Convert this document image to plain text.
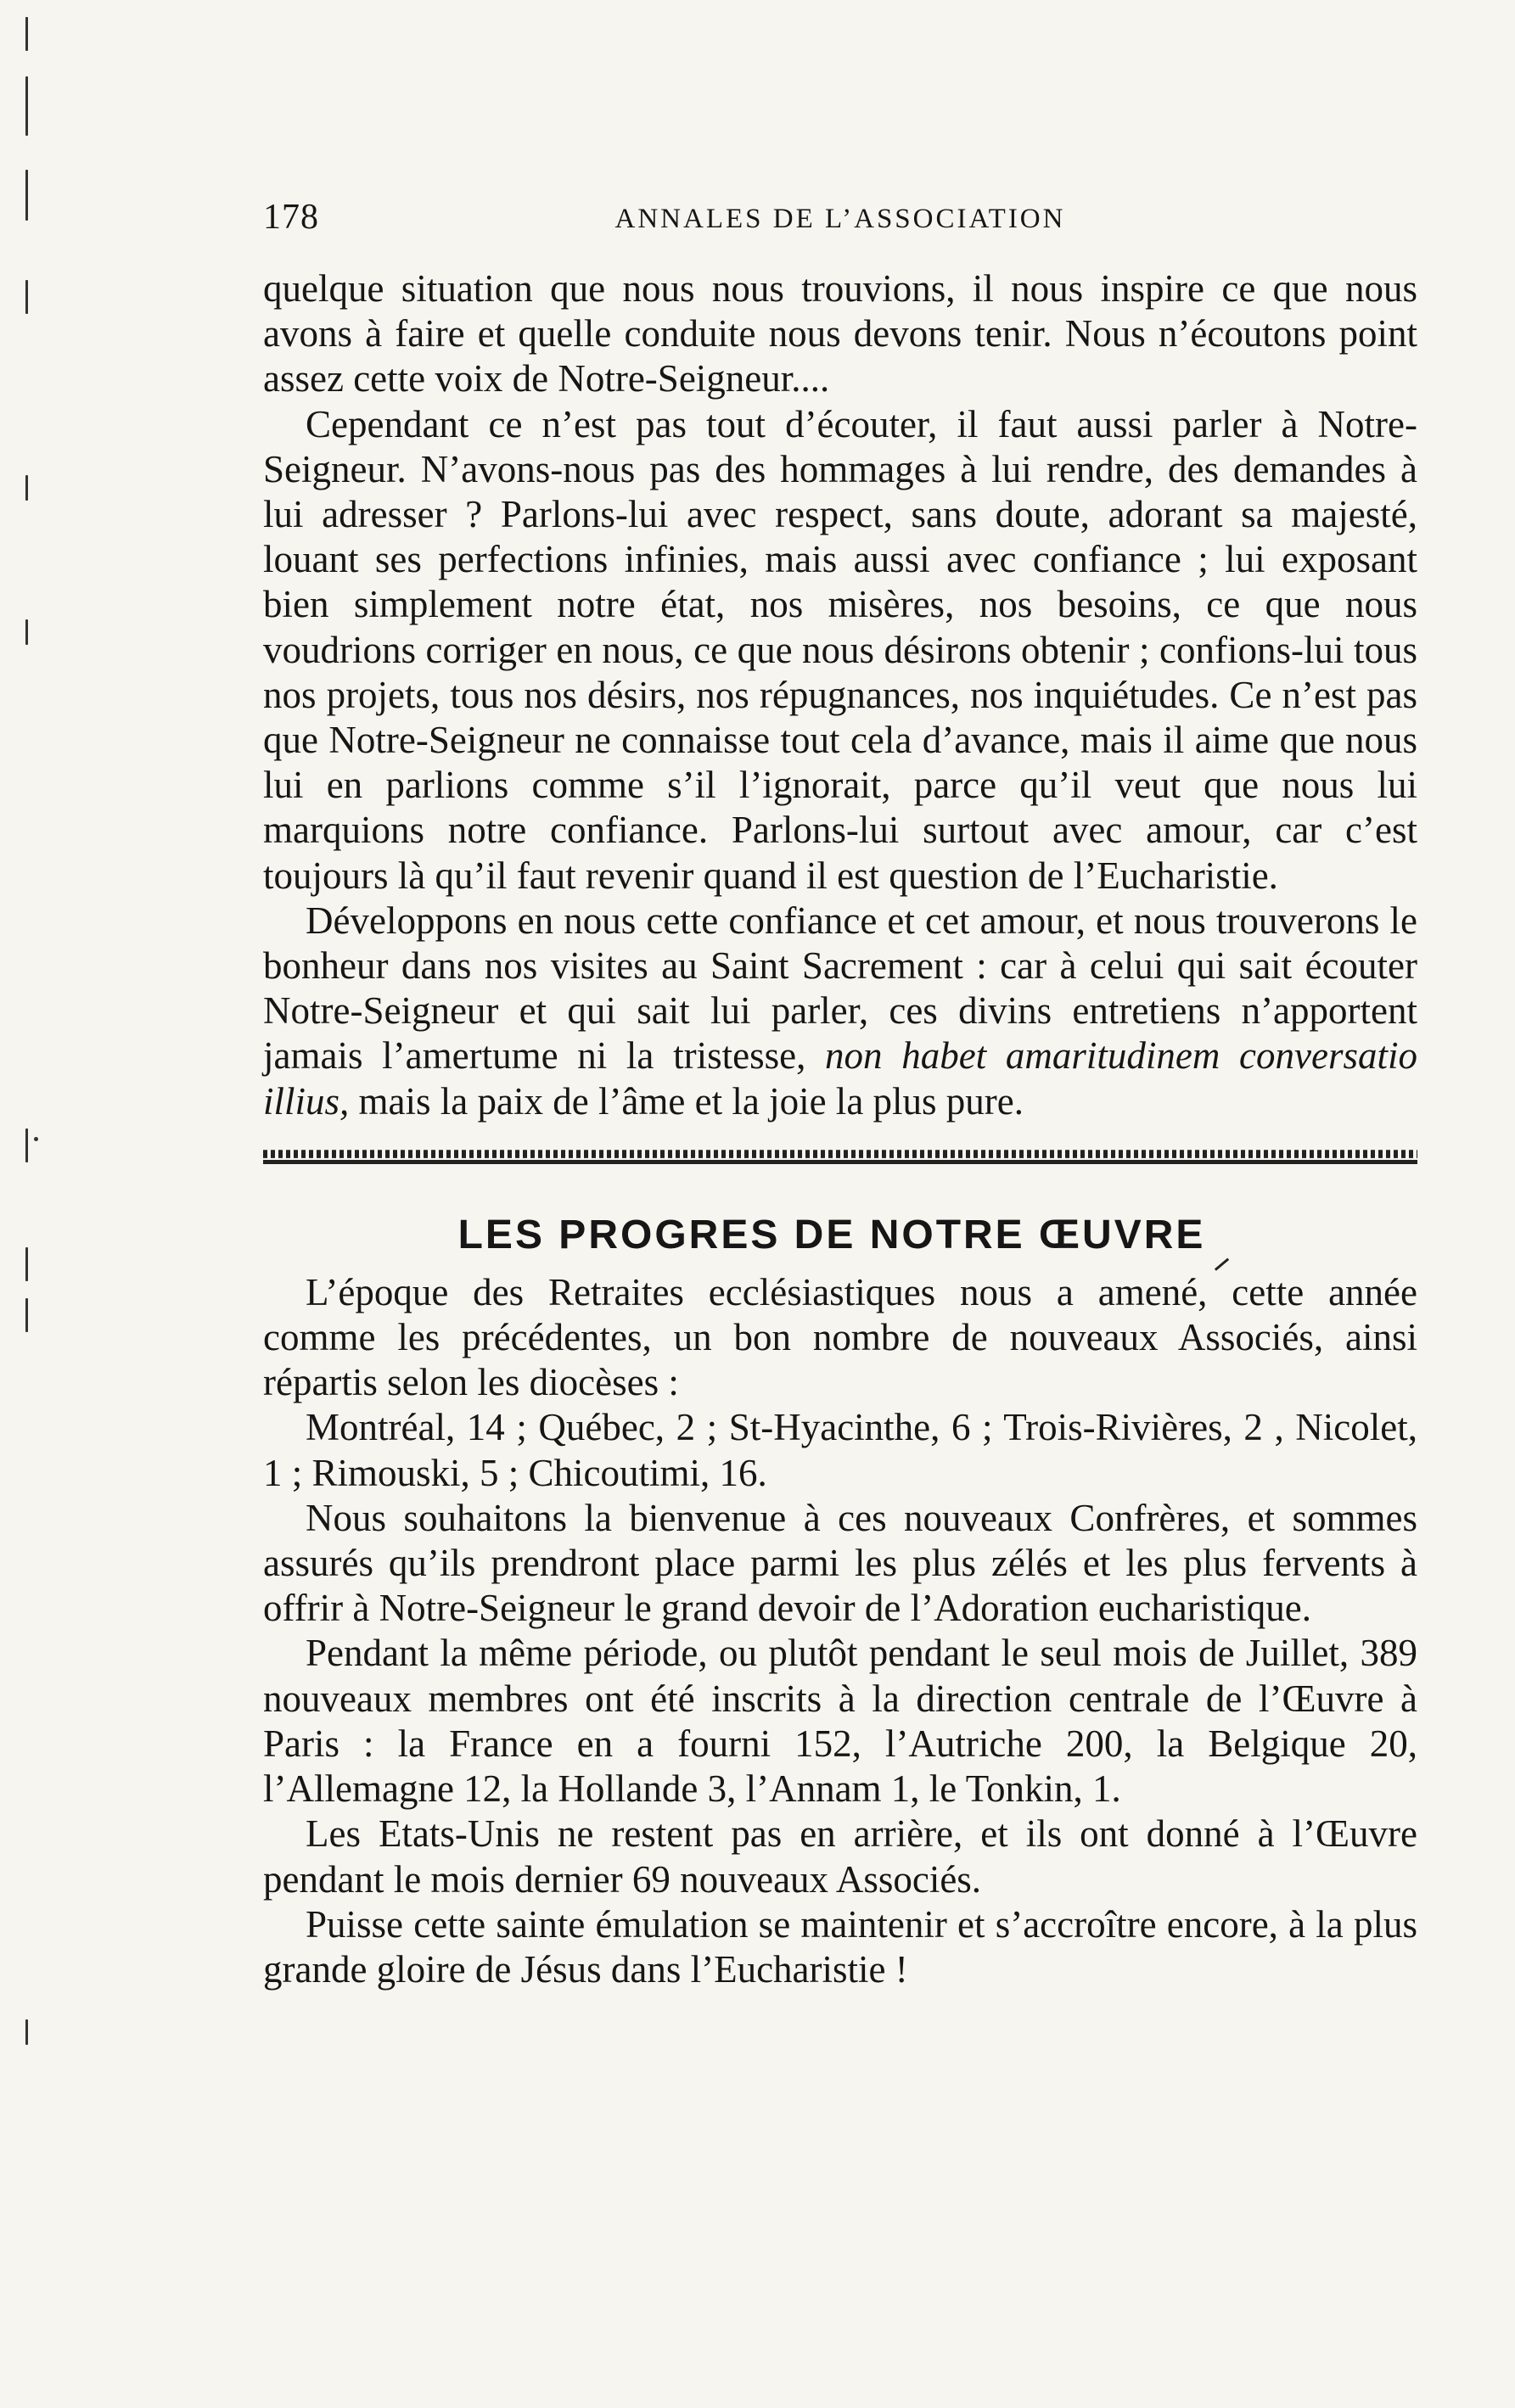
178	ANNALES DE L’ASSOCIATION

quelque situation que nous nous trouvions, il nous inspire ce que nous avons à faire et quelle conduite nous devons tenir. Nous n’écoutons point assez cette voix de Notre-Seigneur....

Cependant ce n’est pas tout d’écouter, il faut aussi parler à Notre-Seigneur. N’avons-nous pas des hommages à lui rendre, des demandes à lui adresser ? Parlons-lui avec respect, sans doute, adorant sa majesté, louant ses perfections infinies, mais aussi avec confiance ; lui exposant bien simplement notre état, nos misères, nos besoins, ce que nous voudrions corriger en nous, ce que nous désirons obtenir ; confions-lui tous nos projets, tous nos désirs, nos répugnances, nos inquiétudes. Ce n’est pas que Notre-Seigneur ne connaisse tout cela d’avance, mais il aime que nous lui en parlions comme s’il l’ignorait, parce qu’il veut que nous lui marquions notre confiance. Parlons-lui surtout avec amour, car c’est toujours là qu’il faut revenir quand il est question de l’Eucharistie.

Développons en nous cette confiance et cet amour, et nous trouverons le bonheur dans nos visites au Saint Sacrement : car à celui qui sait écouter Notre-Seigneur et qui sait lui parler, ces divins entretiens n’apportent jamais l’amertume ni la tristesse, non habet amaritudinem conversatio illius, mais la paix de l’âme et la joie la plus pure.

LES PROGRES DE NOTRE ŒUVRE

L’époque des Retraites ecclésiastiques nous a amené, cette année comme les précédentes, un bon nombre de nouveaux Associés, ainsi répartis selon les diocèses :

Montréal, 14 ; Québec, 2 ; St-Hyacinthe, 6 ; Trois-Rivières, 2 , Nicolet, 1 ; Rimouski, 5 ; Chicoutimi, 16.

Nous souhaitons la bienvenue à ces nouveaux Confrères, et sommes assurés qu’ils prendront place parmi les plus zélés et les plus fervents à offrir à Notre-Seigneur le grand devoir de l’Adoration eucharistique.

Pendant la même période, ou plutôt pendant le seul mois de Juillet, 389 nouveaux membres ont été inscrits à la direction centrale de l’Œuvre à Paris : la France en a fourni 152, l’Autriche 200, la Belgique 20, l’Allemagne 12, la Hollande 3, l’Annam 1, le Tonkin, 1.

Les Etats-Unis ne restent pas en arrière, et ils ont donné à l’Œuvre pendant le mois dernier 69 nouveaux Associés.

Puisse cette sainte émulation se maintenir et s’accroître encore, à la plus grande gloire de Jésus dans l’Eucharistie !
